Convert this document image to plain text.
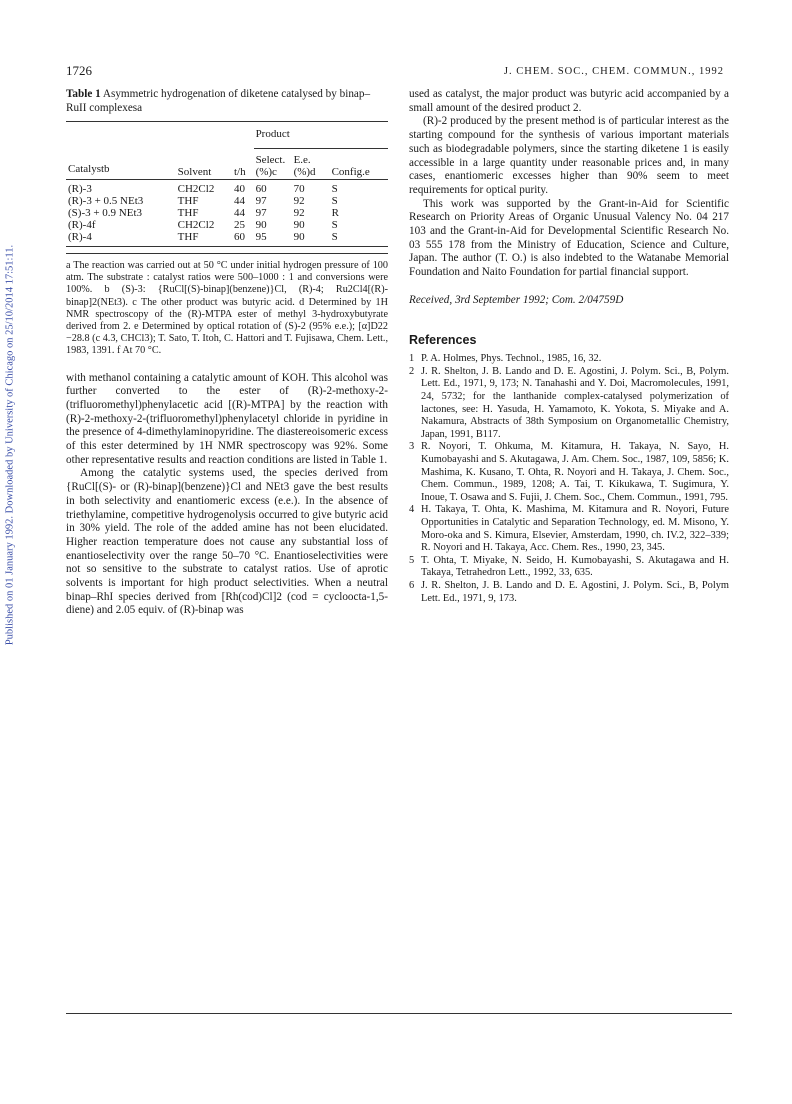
Published on 01 January 1992. Downloaded by University of Chicago on 25/10/2014 17:51:11.
1726	J. CHEM. SOC., CHEM. COMMUN., 1992
Table 1 Asymmetric hydrogenation of diketene catalysed by binap–RuII complexesa
			Product		
Catalystb	Solvent	t/h	Select. (%)c	E.e. (%)d	Config.e
(R)-3	CH2Cl2	40	60	70	S
(R)-3 + 0.5 NEt3	THF	44	97	92	S
(S)-3 + 0.9 NEt3	THF	44	97	92	R
(R)-4f	CH2Cl2	25	90	90	S
(R)-4	THF	60	95	90	S
a The reaction was carried out at 50 °C under initial hydrogen pressure of 100 atm. The substrate : catalyst ratios were 500–1000 : 1 and conversions were 100%. b (S)-3: {RuCl[(S)-binap](benzene)}Cl, (R)-4; Ru2Cl4[(R)-binap]2(NEt3). c The other product was butyric acid. d Determined by 1H NMR spectroscopy of the (R)-MTPA ester of methyl 3-hydroxybutyrate derived from 2. e Determined by optical rotation of (S)-2 (95% e.e.); [α]D22 −28.8 (c 4.3, CHCl3); T. Sato, T. Itoh, C. Hattori and T. Fujisawa, Chem. Lett., 1983, 1391. f At 70 °C.

with methanol containing a catalytic amount of KOH. This alcohol was further converted to the ester of (R)-2-methoxy-2-(trifluoromethyl)phenylacetic acid [(R)-MTPA] by the reaction with (R)-2-methoxy-2-(trifluoromethyl)phenylacetyl chloride in pyridine in the presence of 4-dimethylaminopyridine. The diastereoisomeric excess of this ester determined by 1H NMR spectroscopy was 92%. Some other representative results and reaction conditions are listed in Table 1.

Among the catalytic systems used, the species derived from {RuCl[(S)- or (R)-binap](benzene)}Cl and NEt3 gave the best results in both selectivity and enantiomeric excess (e.e.). In the absence of triethylamine, competitive hydrogenolysis occurred to give butyric acid in 30% yield. The role of the added amine has not been elucidated. Higher reaction temperature does not cause any substantial loss of enantioselectivity over the range 50–70 °C. Enantioselectivities were not so sensitive to the substrate to catalyst ratios. Use of aprotic solvents is important for high product selectivities. When a neutral binap–RhI species derived from [Rh(cod)Cl]2 (cod = cycloocta-1,5-diene) and 2.05 equiv. of (R)-binap was

used as catalyst, the major product was butyric acid accompanied by a small amount of the desired product 2.

(R)-2 produced by the present method is of particular interest as the starting compound for the synthesis of various important materials such as biodegradable polymers, since the starting diketene 1 is easily accessible in a large quantity under reasonable prices and, in many cases, enantiomeric excesses higher than 90% seem to meet requirements for optical purity.

This work was supported by the Grant-in-Aid for Scientific Research on Priority Areas of Organic Unusual Valency No. 04 217 103 and the Grant-in-Aid for Developmental Scientific Research No. 03 555 178 from the Ministry of Education, Science and Culture, Japan. The author (T. O.) is also indebted to the Watanabe Memorial Foundation and Naito Foundation for partial financial support.

Received, 3rd September 1992; Com. 2/04759D
References
1 P. A. Holmes, Phys. Technol., 1985, 16, 32.
2 J. R. Shelton, J. B. Lando and D. E. Agostini, J. Polym. Sci., B, Polym. Lett. Ed., 1971, 9, 173; N. Tanahashi and Y. Doi, Macromolecules, 1991, 24, 5732; for the lanthanide complex-catalysed polymerization of lactones, see: H. Yasuda, H. Yamamoto, K. Yokota, S. Miyake and A. Nakamura, Abstracts of 38th Symposium on Organometallic Chemistry, Japan, 1991, B117.
3 R. Noyori, T. Ohkuma, M. Kitamura, H. Takaya, N. Sayo, H. Kumobayashi and S. Akutagawa, J. Am. Chem. Soc., 1987, 109, 5856; K. Mashima, K. Kusano, T. Ohta, R. Noyori and H. Takaya, J. Chem. Soc., Chem. Commun., 1989, 1208; A. Tai, T. Kikukawa, T. Sugimura, Y. Inoue, T. Osawa and S. Fujii, J. Chem. Soc., Chem. Commun., 1991, 795.
4 H. Takaya, T. Ohta, K. Mashima, M. Kitamura and R. Noyori, Future Opportunities in Catalytic and Separation Technology, ed. M. Misono, Y. Moro-oka and S. Kimura, Elsevier, Amsterdam, 1990, ch. IV.2, 322–339; R. Noyori and H. Takaya, Acc. Chem. Res., 1990, 23, 345.
5 T. Ohta, T. Miyake, N. Seido, H. Kumobayashi, S. Akutagawa and H. Takaya, Tetrahedron Lett., 1992, 33, 635.
6 J. R. Shelton, J. B. Lando and D. E. Agostini, J. Polym. Sci., B, Polym Lett. Ed., 1971, 9, 173.
